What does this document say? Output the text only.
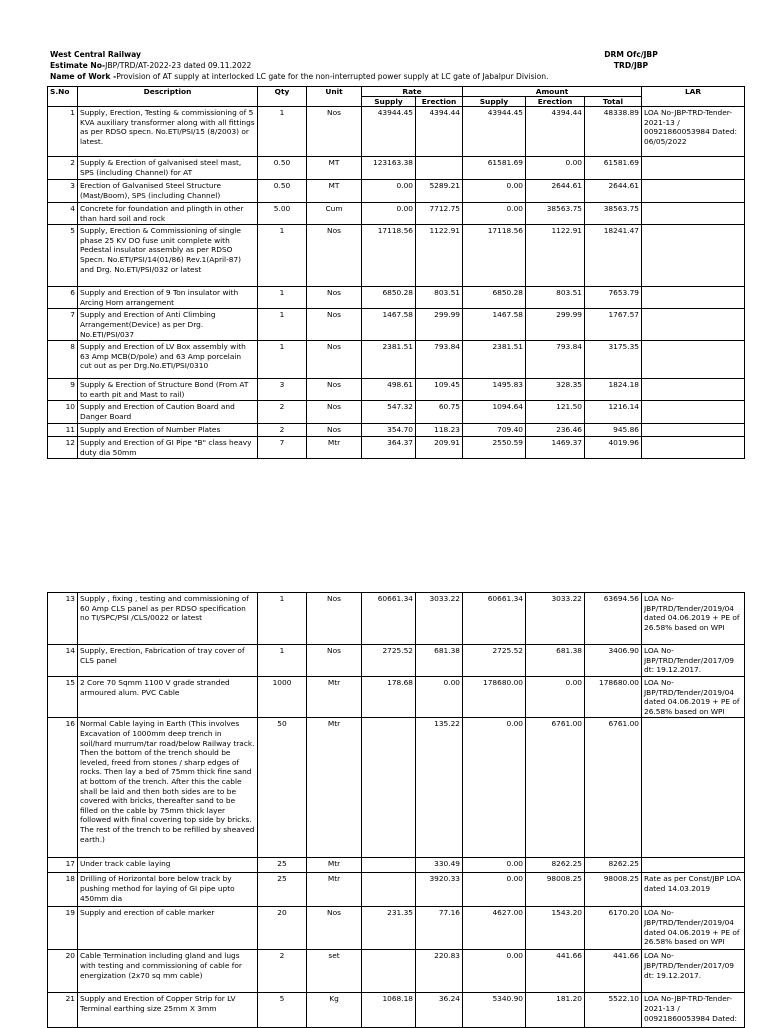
West Central Railway	DRM Ofc/JBP
TRD/JBP
Estimate No-JBP/TRD/AT-2022-23 dated 09.11.2022
Name of Work -Provision of AT supply at interlocked LC gate for the non-interrupted power supply at LC gate of Jabalpur Division.
S.No	Description	Qty	Unit	Rate		Amount			LAR
				Supply	Erection	Supply	Erection	Total	
1	Supply, Erection, Testing & commissioning of 5 KVA auxiliary transformer along with all fittings as per RDSO specn. No.ETI/PSI/15 (8/2003) or latest.	1	Nos	43944.45	4394.44	43944.45	4394.44	48338.89	LOA No-JBP-TRD-Tender-2021-13 / 00921860053984 Dated: 06/05/2022
2	Supply & Erection of galvanised steel mast, SPS (including Channel) for AT	0.50	MT	123163.38		61581.69	0.00	61581.69	
3	Erection of Galvanised Steel Structure (Mast/Boom), SPS (including Channel)	0.50	MT	0.00	5289.21	0.00	2644.61	2644.61	
4	Concrete for foundation and plingth in other than hard soil and rock	5.00	Cum	0.00	7712.75	0.00	38563.75	38563.75	
5	Supply, Erection & Commissioning of single phase 25 KV DO fuse unit complete with Pedestal insulator assembly as per RDSO Specn. No.ETI/PSI/14(01/86) Rev.1(April-87) and Drg. No.ETI/PSI/032 or latest	1	Nos	17118.56	1122.91	17118.56	1122.91	18241.47	
6	Supply and Erection of 9 Ton insulator with Arcing Horn arrangement	1	Nos	6850.28	803.51	6850.28	803.51	7653.79	
7	Supply and Erection of Anti Climbing Arrangement(Device) as per Drg. No.ETI/PSI/037	1	Nos	1467.58	299.99	1467.58	299.99	1767.57	
8	Supply and Erection of LV Box assembly with 63 Amp MCB(D/pole) and 63 Amp porcelain cut out as per Drg.No.ETI/PSI/0310	1	Nos	2381.51	793.84	2381.51	793.84	3175.35	
9	Supply & Erection of Structure Bond (From AT to earth pit and Mast to rail)	3	Nos	498.61	109.45	1495.83	328.35	1824.18	
10	Supply and Erection of Caution Board and Danger Board	2	Nos	547.32	60.75	1094.64	121.50	1216.14	
11	Supply and Erection of Number Plates	2	Nos	354.70	118.23	709.40	236.46	945.86	
12	Supply and Erection of GI Pipe "B" class heavy duty dia 50mm	7	Mtr	364.37	209.91	2550.59	1469.37	4019.96	
13	Supply , fixing , testing and commissioning of 60 Amp CLS panel as per RDSO specification no TI/SPC/PSI /CLS/0022 or latest	1	Nos	60661.34	3033.22	60661.34	3033.22	63694.56	LOA No-JBP/TRD/Tender/2019/04 dated 04.06.2019 + PE of 26.58% based on WPI
14	Supply, Erection, Fabrication of tray cover of CLS panel	1	Nos	2725.52	681.38	2725.52	681.38	3406.90	LOA No-JBP/TRD/Tender/2017/09 dt: 19.12.2017.
15	2 Core 70 Sqmm 1100 V grade stranded armoured alum. PVC Cable	1000	Mtr	178.68	0.00	178680.00	0.00	178680.00	LOA No-JBP/TRD/Tender/2019/04 dated 04.06.2019 + PE of 26.58% based on WPI
16	Normal Cable laying in Earth (This involves Excavation of 1000mm deep trench in soil/hard murrum/tar road/below Railway track. Then the bottom of the trench should be leveled, freed from stones / sharp edges of rocks. Then lay a bed of 75mm thick fine sand at bottom of the trench. After this the cable shall be laid and then both sides are to be covered with bricks, thereafter sand to be filled on the cable by 75mm thick layer followed with final covering top side by bricks. The rest of the trench to be refilled by sheaved earth.)	50	Mtr		135.22	0.00	6761.00	6761.00	
17	Under track cable laying	25	Mtr		330.49	0.00	8262.25	8262.25	
18	Drilling of Horizontal bore below track by pushing method for laying of GI pipe upto 450mm dia	25	Mtr		3920.33	0.00	98008.25	98008.25	Rate as per Const/JBP LOA dated 14.03.2019
19	Supply and erection of cable marker	20	Nos	231.35	77.16	4627.00	1543.20	6170.20	LOA No-JBP/TRD/Tender/2019/04 dated 04.06.2019 + PE of 26.58% based on WPI
20	Cable Termination including gland and lugs with testing and commissioning of cable for energization (2x70 sq mm cable)	2	set		220.83	0.00	441.66	441.66	LOA No-JBP/TRD/Tender/2017/09 dt: 19.12.2017.
21	Supply and Erection of Copper Strip for LV Terminal earthing size 25mm X 3mm	5	Kg	1068.18	36.24	5340.90	181.20	5522.10	LOA No-JBP-TRD-Tender-2021-13 / 00921860053984 Dated:
